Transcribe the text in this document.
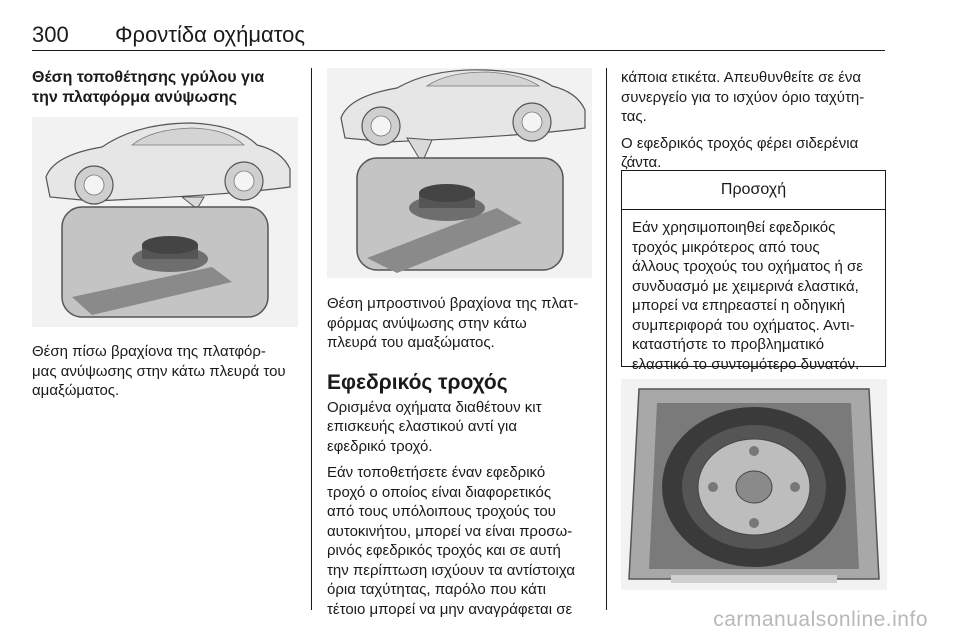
300 Φροντίδα οχήματος
Θέση τοποθέτησης γρύλου για
την πλατφόρμα ανύψωσης

Θέση πίσω βραχίονα της πλατφόρ-

μας ανύψωσης στην κάτω πλευρά του

αμαξώματος.

Θέση μπροστινού βραχίονα της πλατ-

φόρμας ανύψωσης στην κάτω

πλευρά του αμαξώματος.

Εφεδρικός τροχός

Ορισμένα οχήματα διαθέτουν κιτ

επισκευής ελαστικού αντί για

εφεδρικό τροχό.

Εάν τοποθετήσετε έναν εφεδρικό

τροχό ο οποίος είναι διαφορετικός

από τους υπόλοιπους τροχούς του

αυτοκινήτου, μπορεί να είναι προσω-

ρινός εφεδρικός τροχός και σε αυτή

την περίπτωση ισχύουν τα αντίστοιχα

όρια ταχύτητας, παρόλο που κάτι

τέτοιο μπορεί να μην αναγράφεται σε

κάποια ετικέτα. Απευθυνθείτε σε ένα

συνεργείο για το ισχύον όριο ταχύτη-

τας.

Ο εφεδρικός τροχός φέρει σιδερένια

ζάντα.

Προσοχή

Εάν χρησιμοποιηθεί εφεδρικός

τροχός μικρότερος από τους

άλλους τροχούς του οχήματος ή σε

συνδυασμό με χειμερινά ελαστικά,

μπορεί να επηρεαστεί η οδηγική

συμπεριφορά του οχήματος. Αντι-

καταστήστε το προβληματικό

ελαστικό το συντομότερο δυνατόν.

carmanualsonline.info
